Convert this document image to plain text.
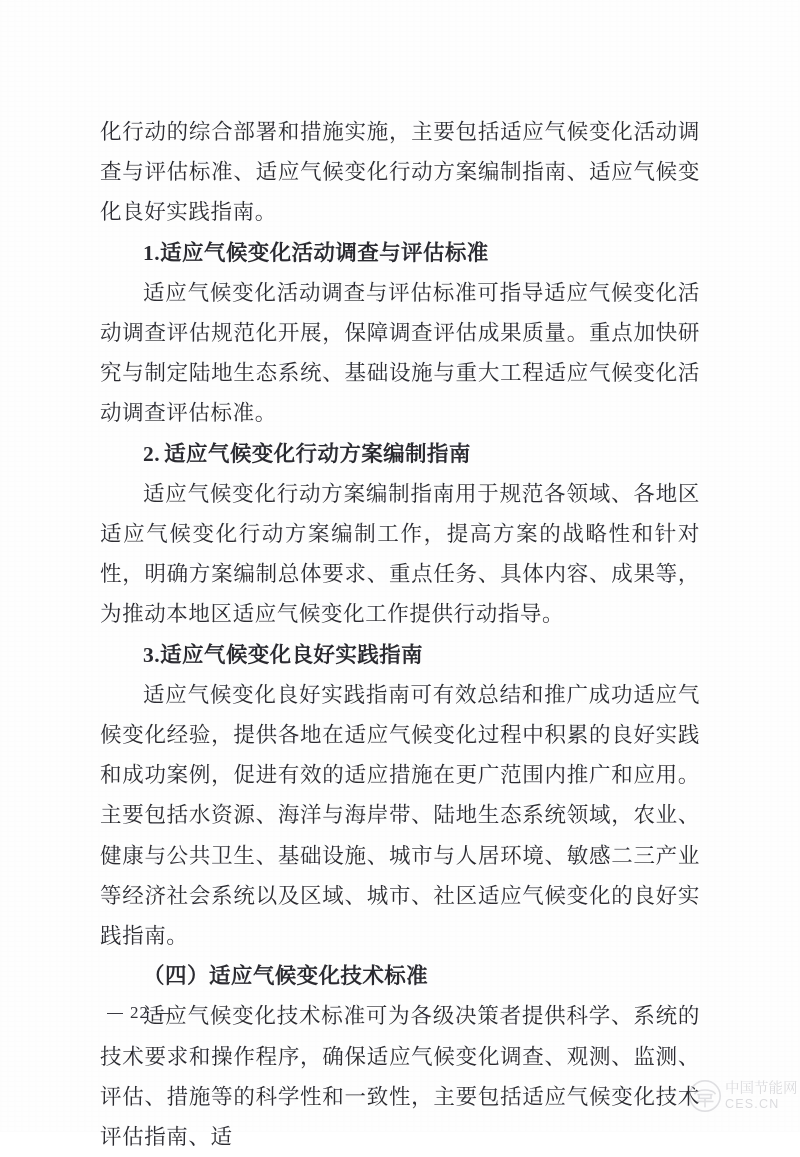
化行动的综合部署和措施实施，主要包括适应气候变化活动调查与评估标准、适应气候变化行动方案编制指南、适应气候变化良好实践指南。

1.适应气候变化活动调查与评估标准

适应气候变化活动调查与评估标准可指导适应气候变化活动调查评估规范化开展，保障调查评估成果质量。重点加快研究与制定陆地生态系统、基础设施与重大工程适应气候变化活动调查评估标准。

2. 适应气候变化行动方案编制指南

适应气候变化行动方案编制指南用于规范各领域、各地区适应气候变化行动方案编制工作，提高方案的战略性和针对性，明确方案编制总体要求、重点任务、具体内容、成果等，为推动本地区适应气候变化工作提供行动指导。

3.适应气候变化良好实践指南

适应气候变化良好实践指南可有效总结和推广成功适应气候变化经验，提供各地在适应气候变化过程中积累的良好实践和成功案例，促进有效的适应措施在更广范围内推广和应用。主要包括水资源、海洋与海岸带、陆地生态系统领域，农业、健康与公共卫生、基础设施、城市与人居环境、敏感二三产业等经济社会系统以及区域、城市、社区适应气候变化的良好实践指南。

（四）适应气候变化技术标准

适应气候变化技术标准可为各级决策者提供科学、系统的技术要求和操作程序，确保适应气候变化调查、观测、监测、评估、措施等的科学性和一致性，主要包括适应气候变化技术评估指南、适

22
中国节能网
CES.CN
